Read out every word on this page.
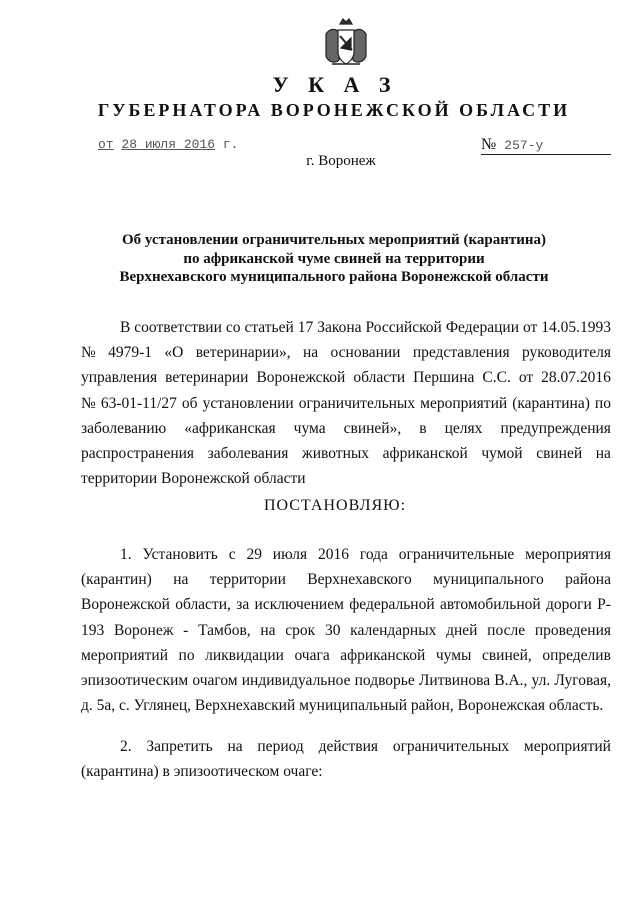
У К А З
ГУБЕРНАТОРА ВОРОНЕЖСКОЙ ОБЛАСТИ
от 28 июля 2016 г.	№ 257-у
г. Воронеж
Об установлении ограничительных мероприятий (карантина)
по африканской чуме свиней на территории
Верхнехавского муниципального района Воронежской области
В соответствии со статьей 17 Закона Российской Федерации от 14.05.1993
№ 4979-1 «О ветеринарии», на основании представления руководителя
управления ветеринарии Воронежской области Першина С.С. от 28.07.2016
№ 63-01-11/27 об установлении ограничительных мероприятий (карантина) по
заболеванию «африканская чума свиней», в целях предупреждения
распространения заболевания животных африканской чумой свиней на
территории Воронежской области
ПОСТАНОВЛЯЮ:
1. Установить с 29 июля 2016 года ограничительные мероприятия
(карантин) на территории Верхнехавского муниципального района
Воронежской области, за исключением федеральной автомобильной дороги Р-
193 Воронеж - Тамбов, на срок 30 календарных дней после проведения
мероприятий по ликвидации очага африканской чумы свиней, определив
эпизоотическим очагом индивидуальное подворье Литвинова В.А., ул. Луговая,
д. 5а, с. Углянец, Верхнехавский муниципальный район, Воронежская область.
2. Запретить на период действия ограничительных мероприятий
(карантина) в эпизоотическом очаге:
